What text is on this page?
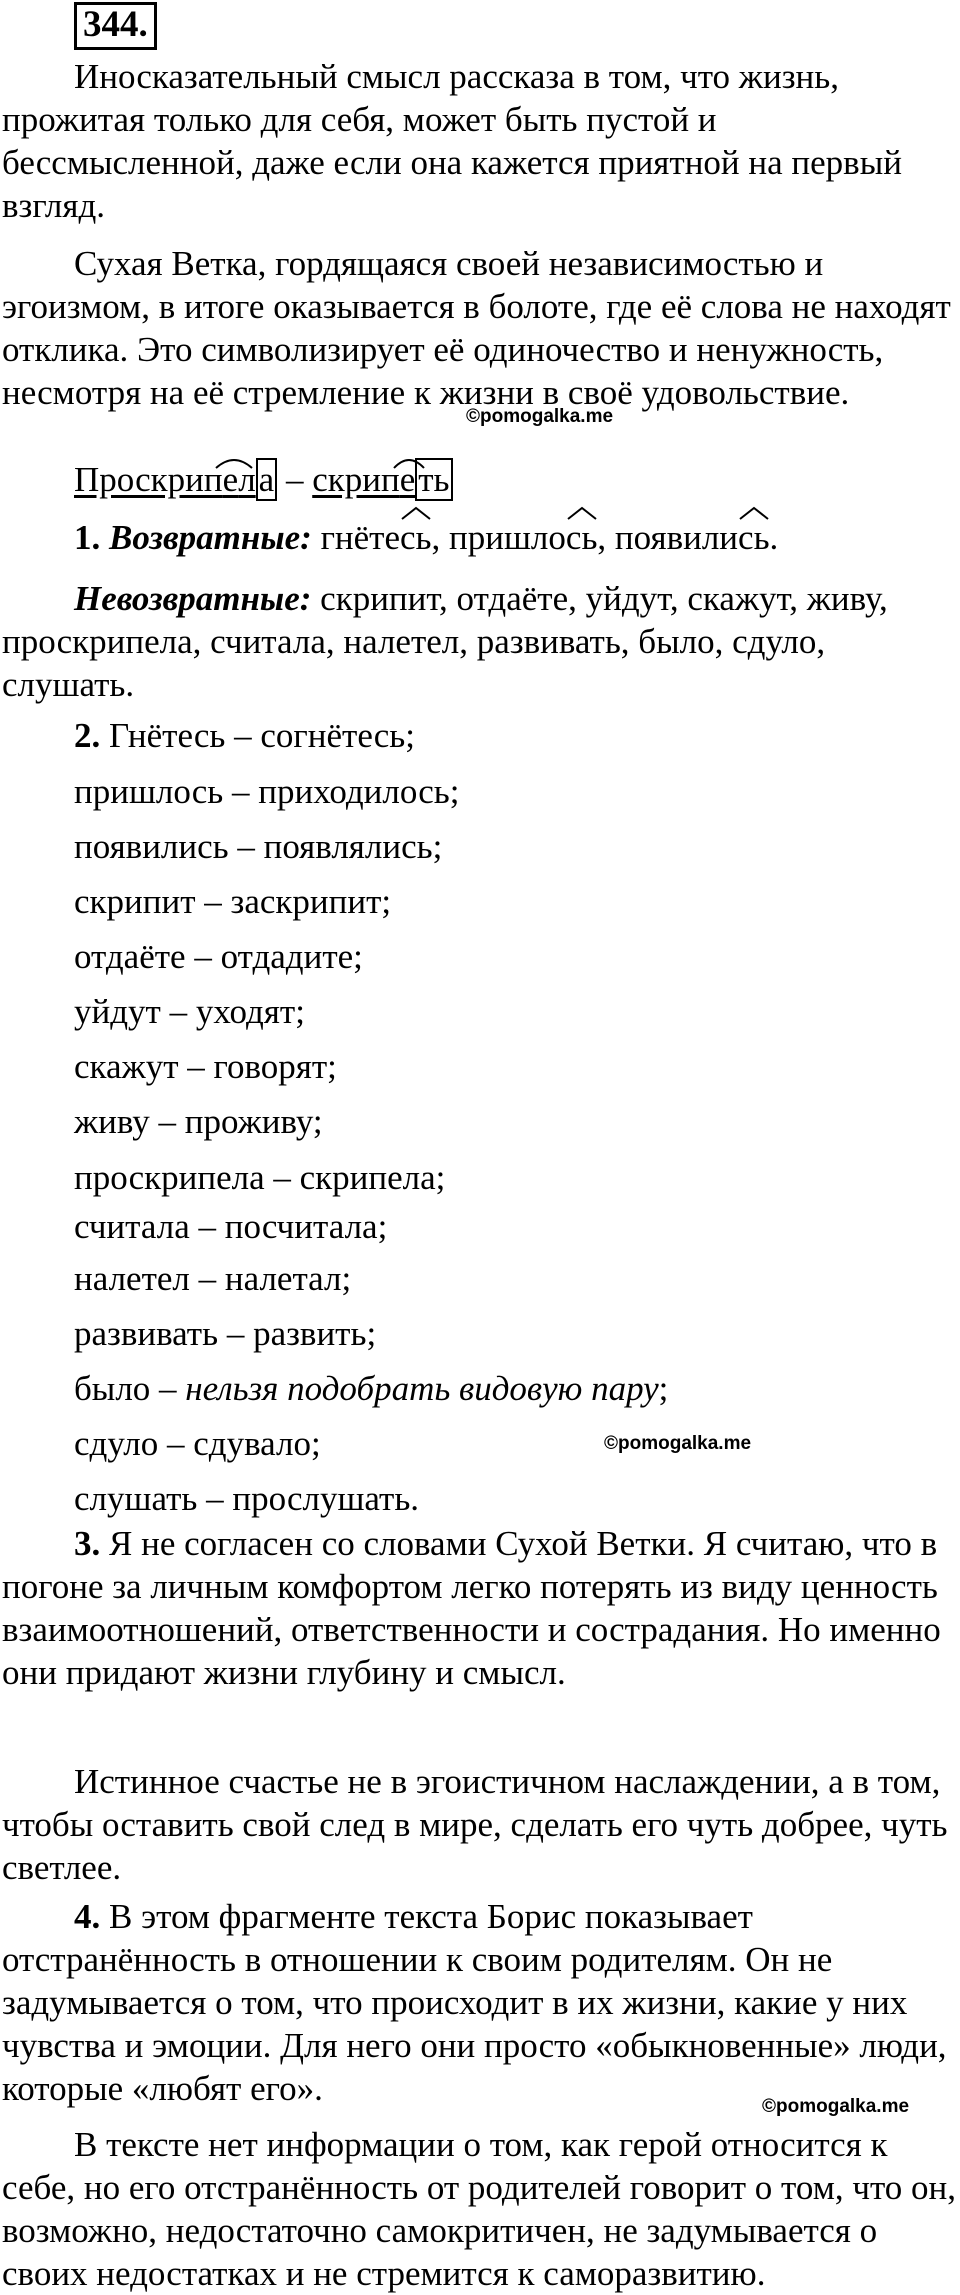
344.

Иносказательный смысл рассказа в том, что жизнь, прожитая только для себя, может быть пустой и бессмысленной, даже если она кажется приятной на первый взгляд.

Сухая Ветка, гордящаяся своей независимостью и эгоизмом, в итоге оказывается в болоте, где её слова не находят отклика. Это символизирует её одиночество и ненужность, несмотря на её стремление к жизни в своё удовольствие.

©pomogalka.me
Проскрипела – скрипеть
1. Возвратные: гнёте
сь, пришло
сь, появили
сь.

Невозвратные: скрипит, отдаёте, уйдут, скажут, живу, проскрипела, считала, налетел, развивать, было, сдуло, слушать.

2. Гнётесь – согнётесь;
пришлось – приходилось;
появились – появлялись;
скрипит – заскрипит;
отдаёте – отдадите;
уйдут – уходят;
скажут – говорят;
живу – проживу;
проскрипела – скрипела;
считала – посчитала;
налетел – налетал;
развивать – развить;
было – нельзя подобрать видовую пару;
сдуло – сдувало;
слушать – прослушать.
©pomogalka.me

3. Я не согласен со словами Сухой Ветки. Я считаю, что в погоне за личным комфортом легко потерять из виду ценность взаимоотношений, ответственности и сострадания. Но именно они придают жизни глубину и смысл.

Истинное счастье не в эгоистичном наслаждении, а в том, чтобы оставить свой след в мире, сделать его чуть добрее, чуть светлее.

4. В этом фрагменте текста Борис показывает отстранённость в отношении к своим родителям. Он не задумывается о том, что происходит в их жизни, какие у них чувства и эмоции. Для него они просто «обыкновенные» люди, которые «любят его».	©pomogalka.me

В тексте нет информации о том, как герой относится к себе, но его отстранённость от родителей говорит о том, что он, возможно, недостаточно самокритичен, не задумывается о своих недостатках и не стремится к саморазвитию.
